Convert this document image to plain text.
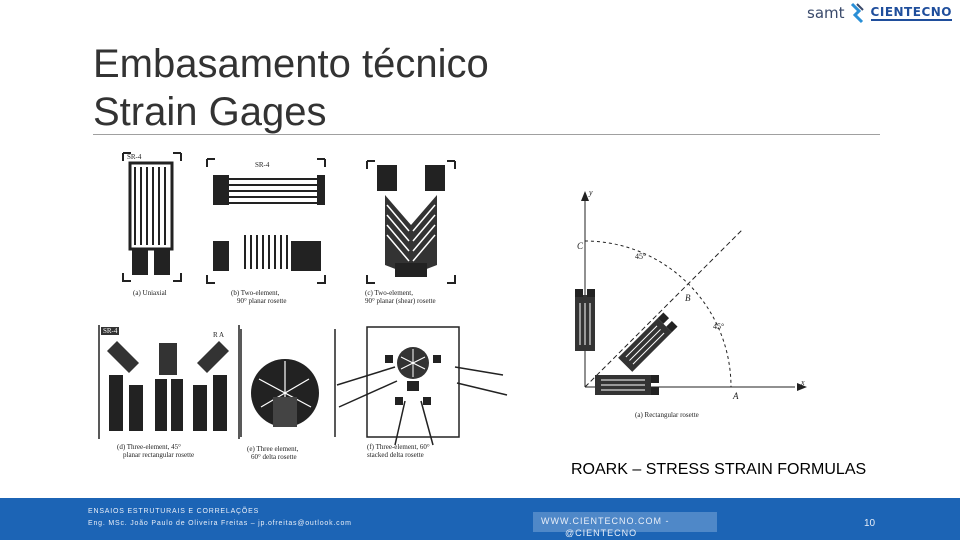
samt CIENTECNO
Embasamento técnico
Strain Gages
SR-4
(a) Uniaxial
SR-4
(b) Two-element,
90° planar rosette
(c) Two-element,
90° planar (shear) rosette
SR-4	R A
(d) Three-element, 45°
planar rectangular rosette
(e) Three element,
60° delta rosette
(f) Three-element, 60°
stacked delta rosette
y
x
C
B
A
45°
45°
(a) Rectangular rosette
ROARK – STRESS STRAIN FORMULAS
ENSAIOS ESTRUTURAIS E CORRELAÇÕES
Eng. MSc. João Paulo de Oliveira Freitas – jp.ofreitas@outlook.com	WWW.CIENTECNO.COM -
@CIENTECNO
10
